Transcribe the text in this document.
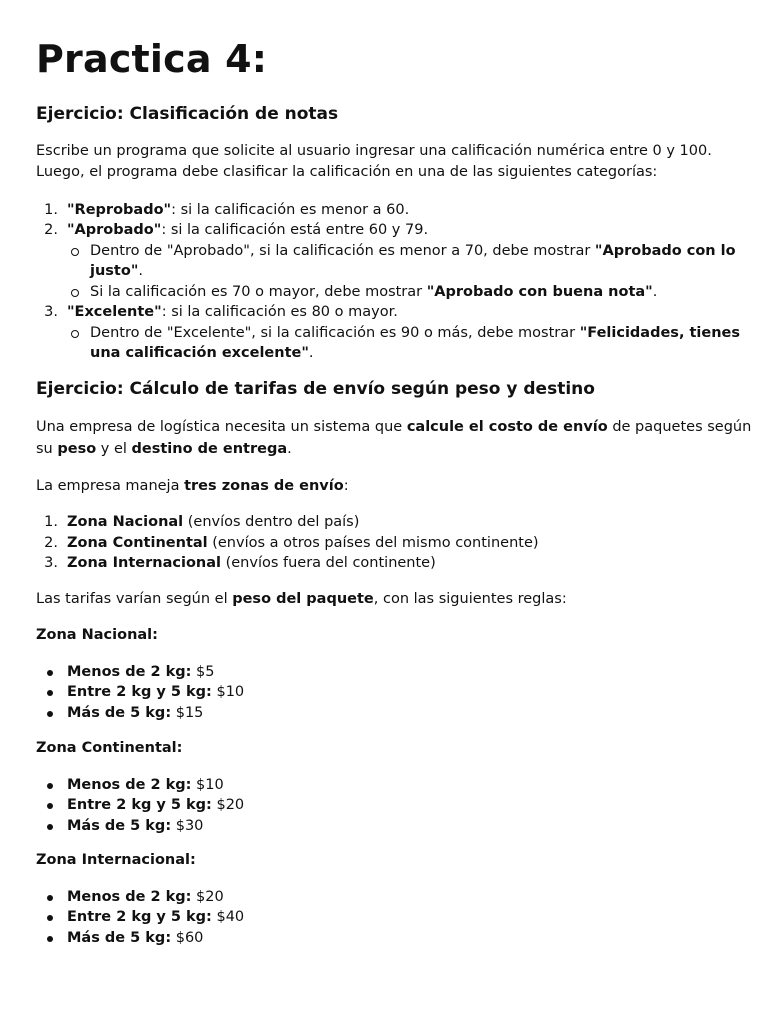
Practica 4:
Ejercicio: Clasificación de notas
Escribe un programa que solicite al usuario ingresar una calificación numérica entre 0 y 100.
Luego, el programa debe clasificar la calificación en una de las siguientes categorías:
1. "Reprobado": si la calificación es menor a 60.
2. "Aprobado": si la calificación está entre 60 y 79.
Dentro de "Aprobado", si la calificación es menor a 70, debe mostrar "Aprobado con lo
justo".
Si la calificación es 70 o mayor, debe mostrar "Aprobado con buena nota".
3. "Excelente": si la calificación es 80 o mayor.
Dentro de "Excelente", si la calificación es 90 o más, debe mostrar "Felicidades, tienes
una calificación excelente".
Ejercicio: Cálculo de tarifas de envío según peso y destino
Una empresa de logística necesita un sistema que calcule el costo de envío de paquetes según
su peso y el destino de entrega.
La empresa maneja tres zonas de envío:
1. Zona Nacional (envíos dentro del país)
2. Zona Continental (envíos a otros países del mismo continente)
3. Zona Internacional (envíos fuera del continente)
Las tarifas varían según el peso del paquete, con las siguientes reglas:
Zona Nacional:
Menos de 2 kg: $5
Entre 2 kg y 5 kg: $10
Más de 5 kg: $15
Zona Continental:
Menos de 2 kg: $10
Entre 2 kg y 5 kg: $20
Más de 5 kg: $30
Zona Internacional:
Menos de 2 kg: $20
Entre 2 kg y 5 kg: $40
Más de 5 kg: $60
